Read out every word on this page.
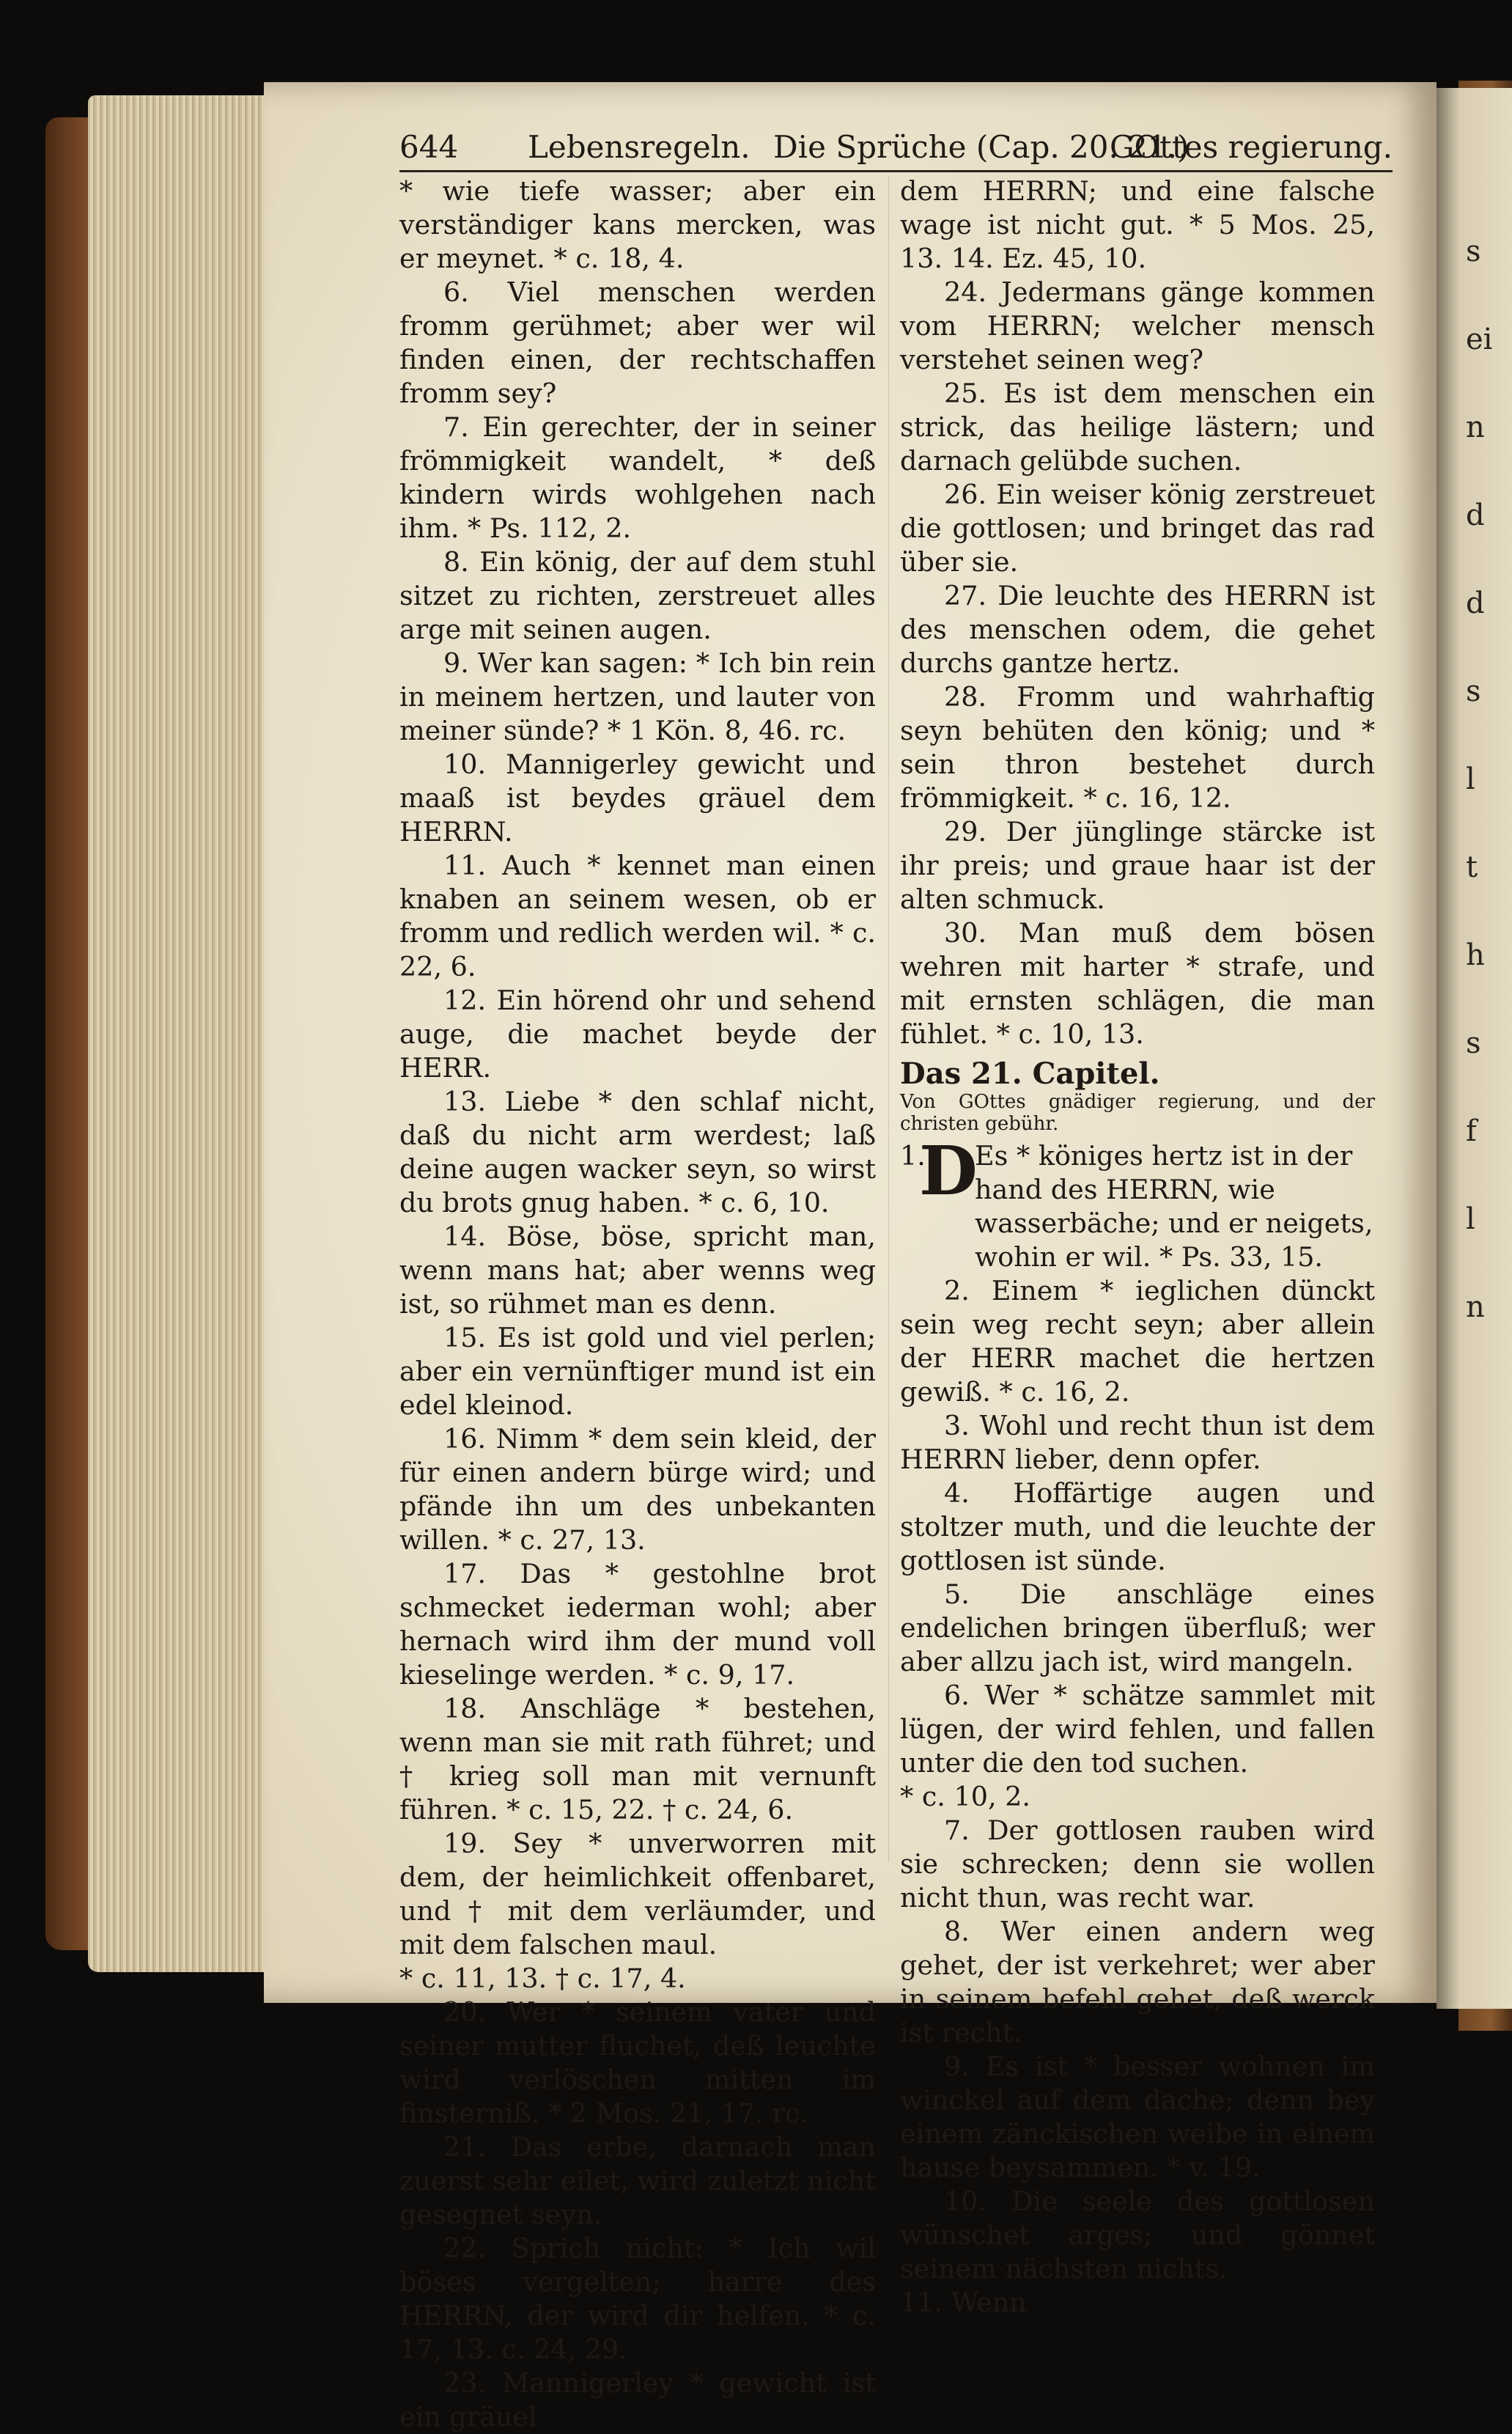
s
ei
n
d
d
s
l
t
h
s
f
l
n
644 Lebensregeln. Die Sprüche (Cap. 20. 21.)
GOttes regierung.

* wie tiefe wasser; aber ein verständiger kans mercken, was er meynet. * c. 18, 4.

6. Viel menschen werden fromm gerühmet; aber wer wil finden einen, der rechtschaffen fromm sey?

7. Ein gerechter, der in seiner frömmigkeit wandelt, * deß kindern wirds wohlgehen nach ihm. * Ps. 112, 2.

8. Ein könig, der auf dem stuhl sitzet zu richten, zerstreuet alles arge mit seinen augen.

9. Wer kan sagen: * Ich bin rein in meinem hertzen, und lauter von meiner sünde? * 1 Kön. 8, 46. rc.

10. Mannigerley gewicht und maaß ist beydes gräuel dem HERRN.

11. Auch * kennet man einen knaben an seinem wesen, ob er fromm und redlich werden wil. * c. 22, 6.

12. Ein hörend ohr und sehend auge, die machet beyde der HERR.

13. Liebe * den schlaf nicht, daß du nicht arm werdest; laß deine augen wacker seyn, so wirst du brots gnug haben. * c. 6, 10.

14. Böse, böse, spricht man, wenn mans hat; aber wenns weg ist, so rühmet man es denn.

15. Es ist gold und viel perlen; aber ein vernünftiger mund ist ein edel kleinod.

16. Nimm * dem sein kleid, der für einen andern bürge wird; und pfände ihn um des unbekanten willen. * c. 27, 13.

17. Das * gestohlne brot schmecket iederman wohl; aber hernach wird ihm der mund voll kieselinge werden. * c. 9, 17.

18. Anschläge * bestehen, wenn man sie mit rath führet; und † krieg soll man mit vernunft führen. * c. 15, 22. † c. 24, 6.

19. Sey * unverworren mit dem, der heimlichkeit offenbaret, und † mit dem verläumder, und mit dem falschen maul.

* c. 11, 13. † c. 17, 4.

20. Wer * seinem vater und seiner mutter fluchet, deß leuchte wird verlöschen mitten im finsterniß. * 2 Mos. 21, 17. rc.

21. Das erbe, darnach man zuerst sehr eilet, wird zuletzt nicht gesegnet seyn.

22. Sprich nicht: * Ich wil böses vergelten; harre des HERRN, der wird dir helfen. * c. 17, 13. c. 24, 29.

23. Mannigerley * gewicht ist ein gräuel

dem HERRN; und eine falsche wage ist nicht gut. * 5 Mos. 25, 13. 14. Ez. 45, 10.

24. Jedermans gänge kommen vom HERRN; welcher mensch verstehet seinen weg?

25. Es ist dem menschen ein strick, das heilige lästern; und darnach gelübde suchen.

26. Ein weiser könig zerstreuet die gottlosen; und bringet das rad über sie.

27. Die leuchte des HERRN ist des menschen odem, die gehet durchs gantze hertz.

28. Fromm und wahrhaftig seyn behüten den könig; und * sein thron bestehet durch frömmigkeit. * c. 16, 12.

29. Der jünglinge stärcke ist ihr preis; und graue haar ist der alten schmuck.

30. Man muß dem bösen wehren mit harter * strafe, und mit ernsten schlägen, die man fühlet. * c. 10, 13.

Das 21. Capitel.

Von GOttes gnädiger regierung, und der christen gebühr.

1.
D
Es * königes hertz ist in der hand des HERRN, wie wasserbäche; und er neigets, wohin er wil. * Ps. 33, 15.

2. Einem * ieglichen dünckt sein weg recht seyn; aber allein der HERR machet die hertzen gewiß. * c. 16, 2.

3. Wohl und recht thun ist dem HERRN lieber, denn opfer.

4. Hoffärtige augen und stoltzer muth, und die leuchte der gottlosen ist sünde.

5. Die anschläge eines endelichen bringen überfluß; wer aber allzu jach ist, wird mangeln.

6. Wer * schätze sammlet mit lügen, der wird fehlen, und fallen unter die den tod suchen.

* c. 10, 2.

7. Der gottlosen rauben wird sie schrecken; denn sie wollen nicht thun, was recht war.

8. Wer einen andern weg gehet, der ist verkehret; wer aber in seinem befehl gehet, deß werck ist recht.

9. Es ist * besser wohnen im winckel auf dem dache; denn bey einem zänckischen weibe in einem hause beysammen. * v. 19.

10. Die seele des gottlosen wünschet arges; und gönnet seinem nächsten nichts.

11. Wenn
